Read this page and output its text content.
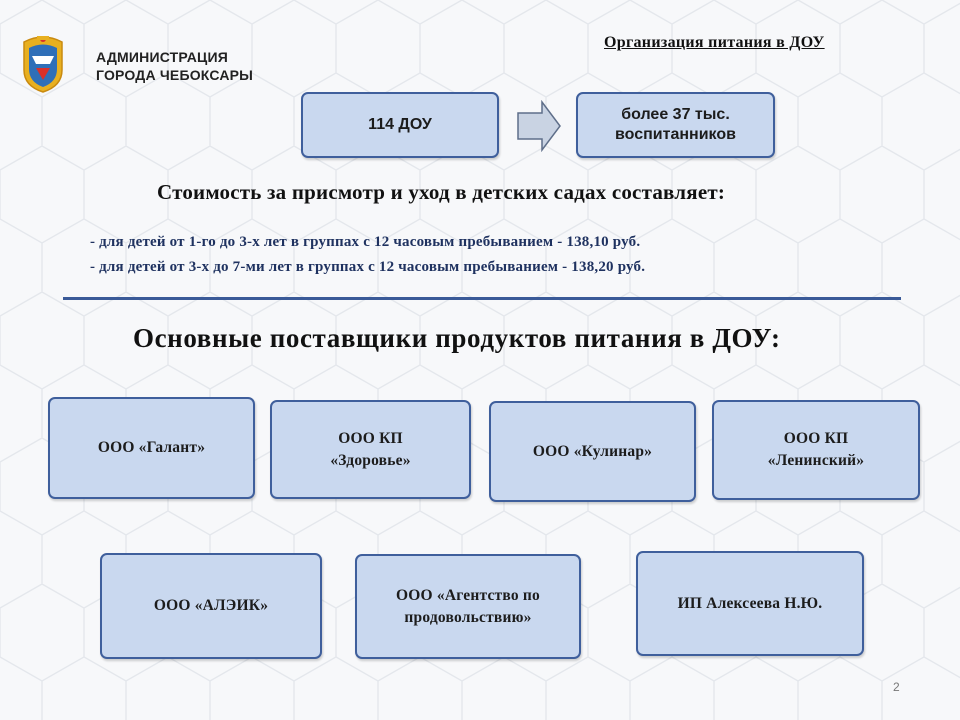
АДМИНИСТРАЦИЯ
ГОРОДА ЧЕБОКСАРЫ
Организация питания в ДОУ
114 ДОУ
более 37 тыс.
воспитанников
Стоимость за присмотр и уход в детских садах составляет:
- для детей от 1-го до 3-х лет в группах с 12 часовым пребыванием - 138,10 руб.
- для детей от 3-х до 7-ми лет в группах с 12 часовым пребыванием - 138,20 руб.
Основные поставщики продуктов питания в ДОУ:
ООО «Галант»
ООО КП
«Здоровье»
ООО «Кулинар»
ООО КП
«Ленинский»
ООО «АЛЭИК»
ООО «Агентство по
продовольствию»
ИП Алексеева Н.Ю.
2
